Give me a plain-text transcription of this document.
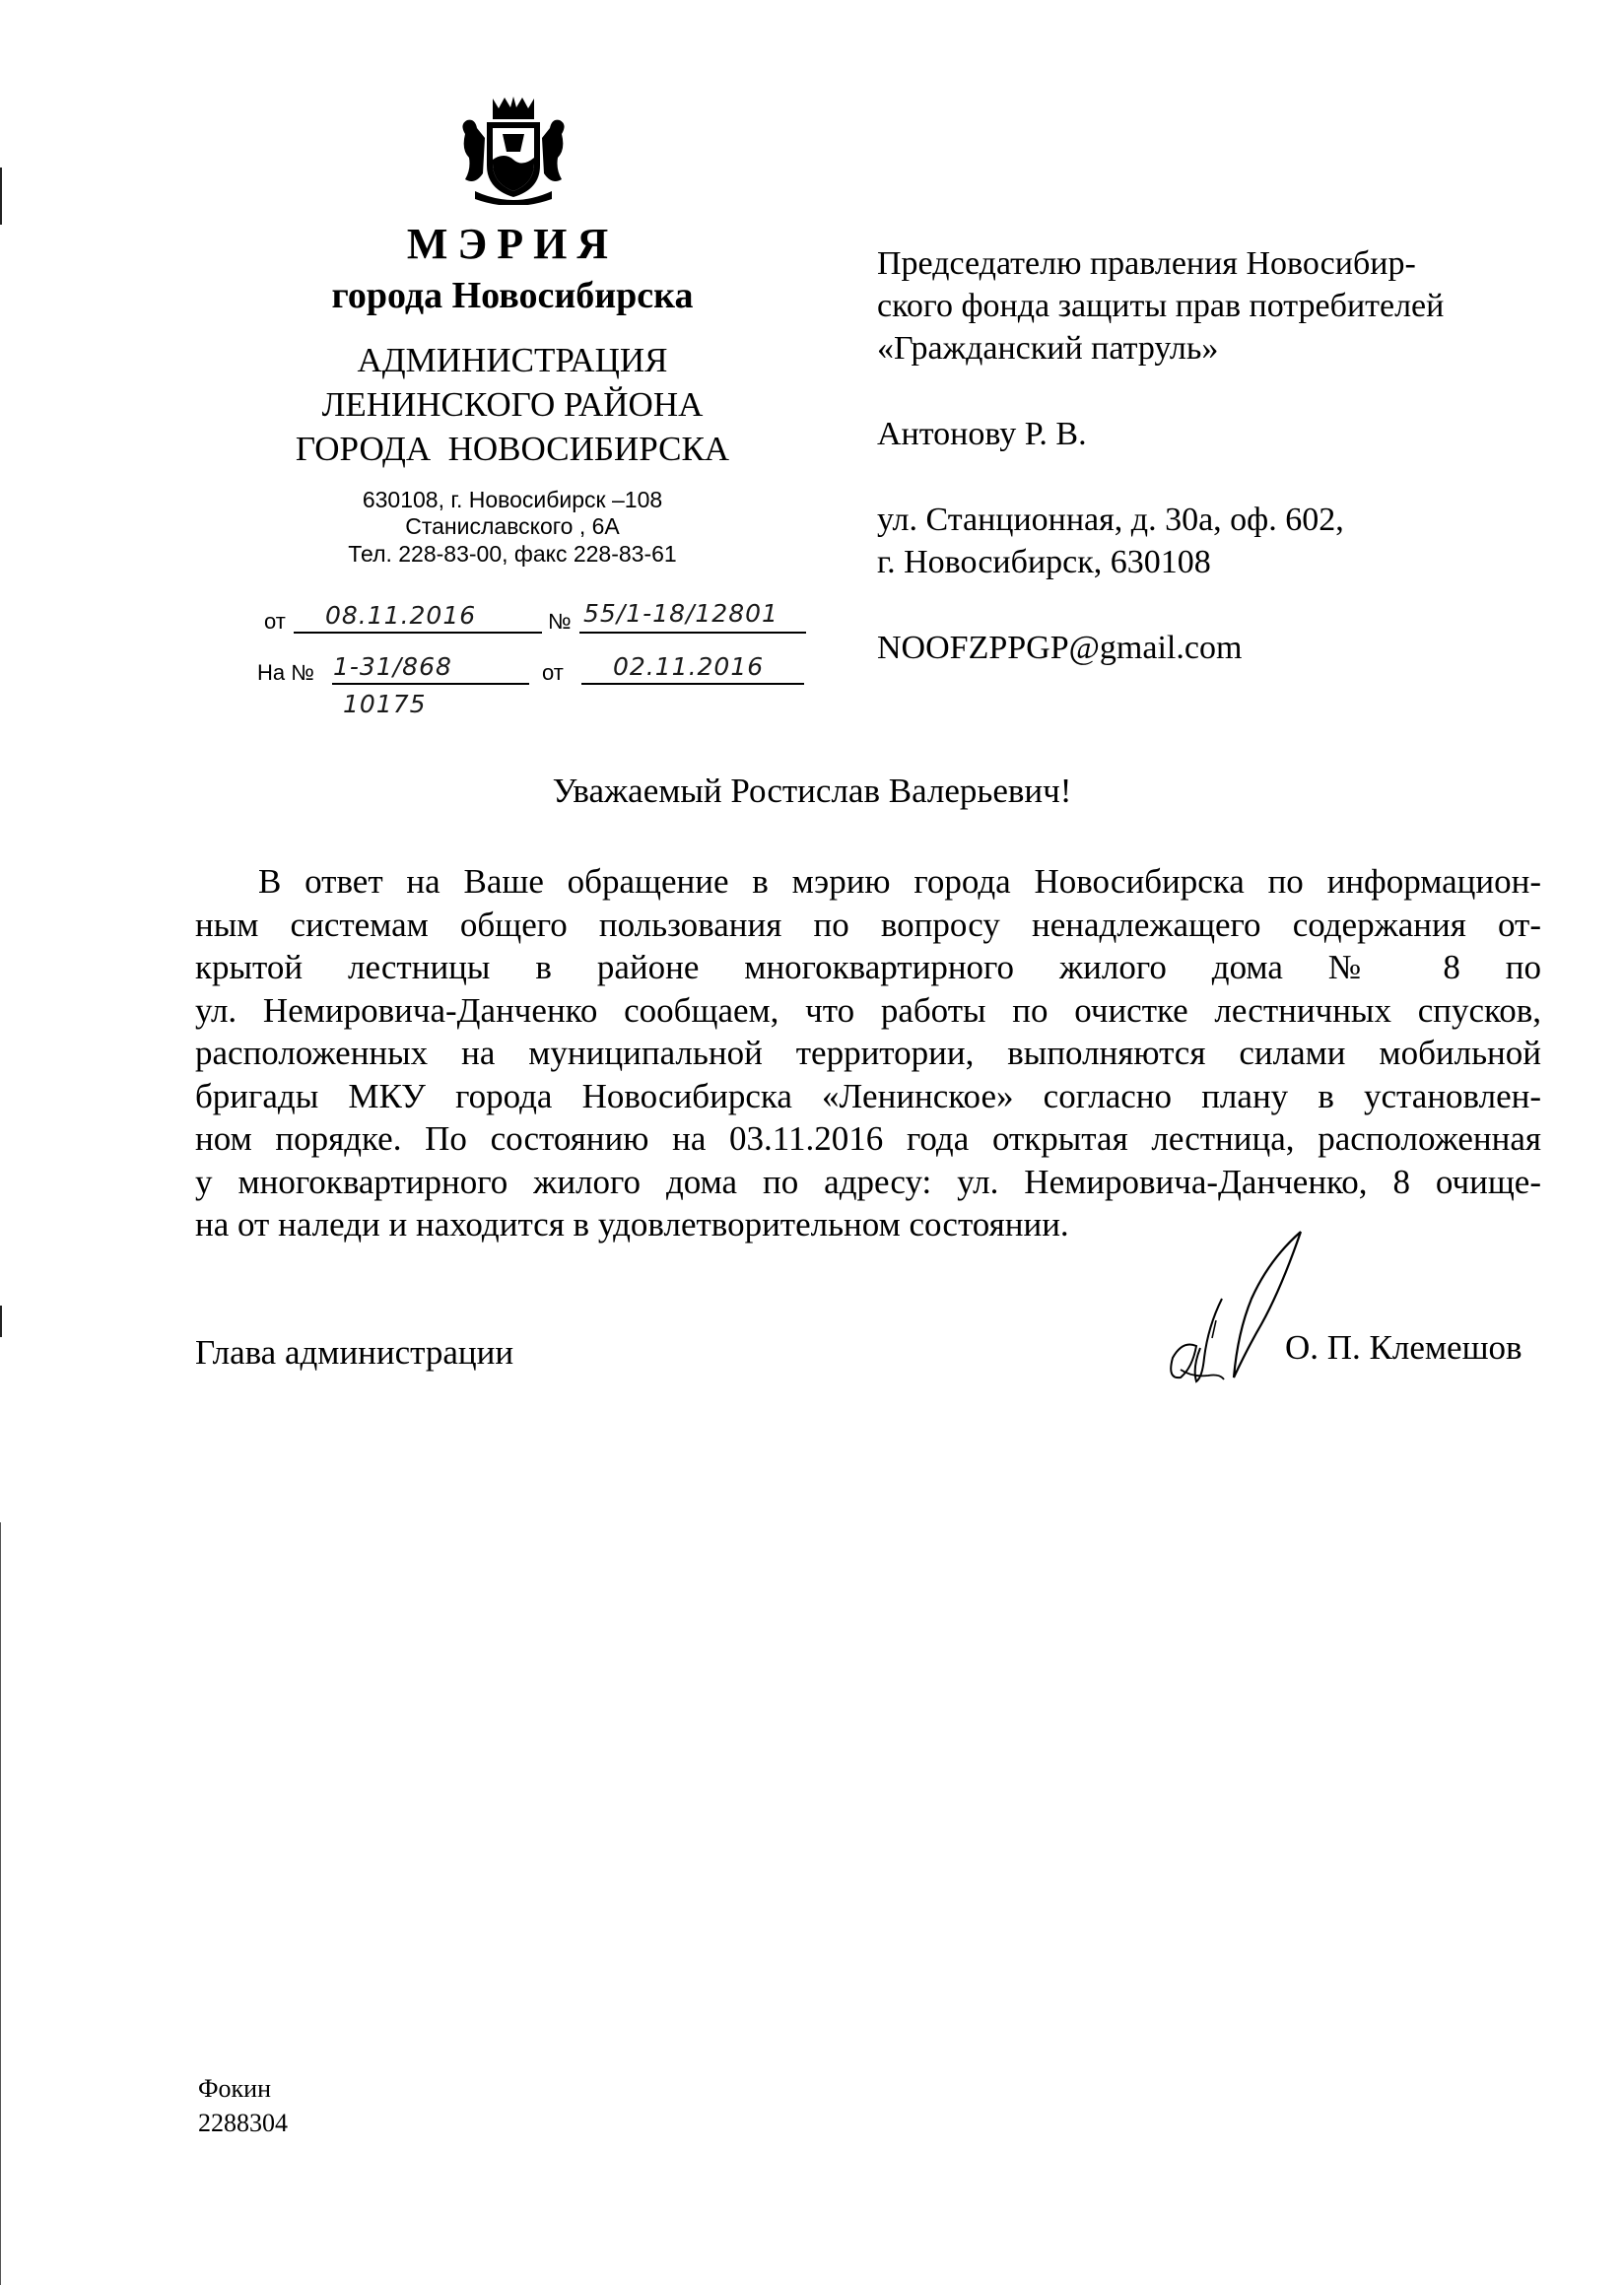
МЭРИЯ
города Новосибирска
АДМИНИСТРАЦИЯ
ЛЕНИНСКОГО РАЙОНА
ГОРОДА  НОВОСИБИРСКА
630108, г. Новосибирск –108
Станиславского , 6А
Тел. 228-83-00, факс 228-83-61
от 08.11.2016	№ 55/1-18/12801
На № 1-31/868
10175
от 02.11.2016
Председателю правления Новосибир-
ского фонда защиты прав потребителей
«Гражданский патруль»
Антонову Р. В.
ул. Станционная, д. 30а, оф. 602,
г. Новосибирск, 630108
NOOFZPPGP@gmail.com
Уважаемый Ростислав Валерьевич!
В ответ на Ваше обращение в мэрию города Новосибирска по информацион-
ным системам общего пользования по вопросу ненадлежащего содержания от-
крытой лестницы в районе многоквартирного жилого дома № 8 по
ул. Немировича-Данченко сообщаем, что работы по очистке лестничных спусков,
расположенных на муниципальной территории, выполняются силами мобильной
бригады МКУ города Новосибирска «Ленинское» согласно плану в установлен-
ном порядке. По состоянию на 03.11.2016 года открытая лестница, расположенная
у многоквартирного жилого дома по адресу: ул. Немировича-Данченко, 8 очище-
на от наледи и находится в удовлетворительном состоянии.
Глава администрации	О. П. Клемешов
Фокин
2288304
